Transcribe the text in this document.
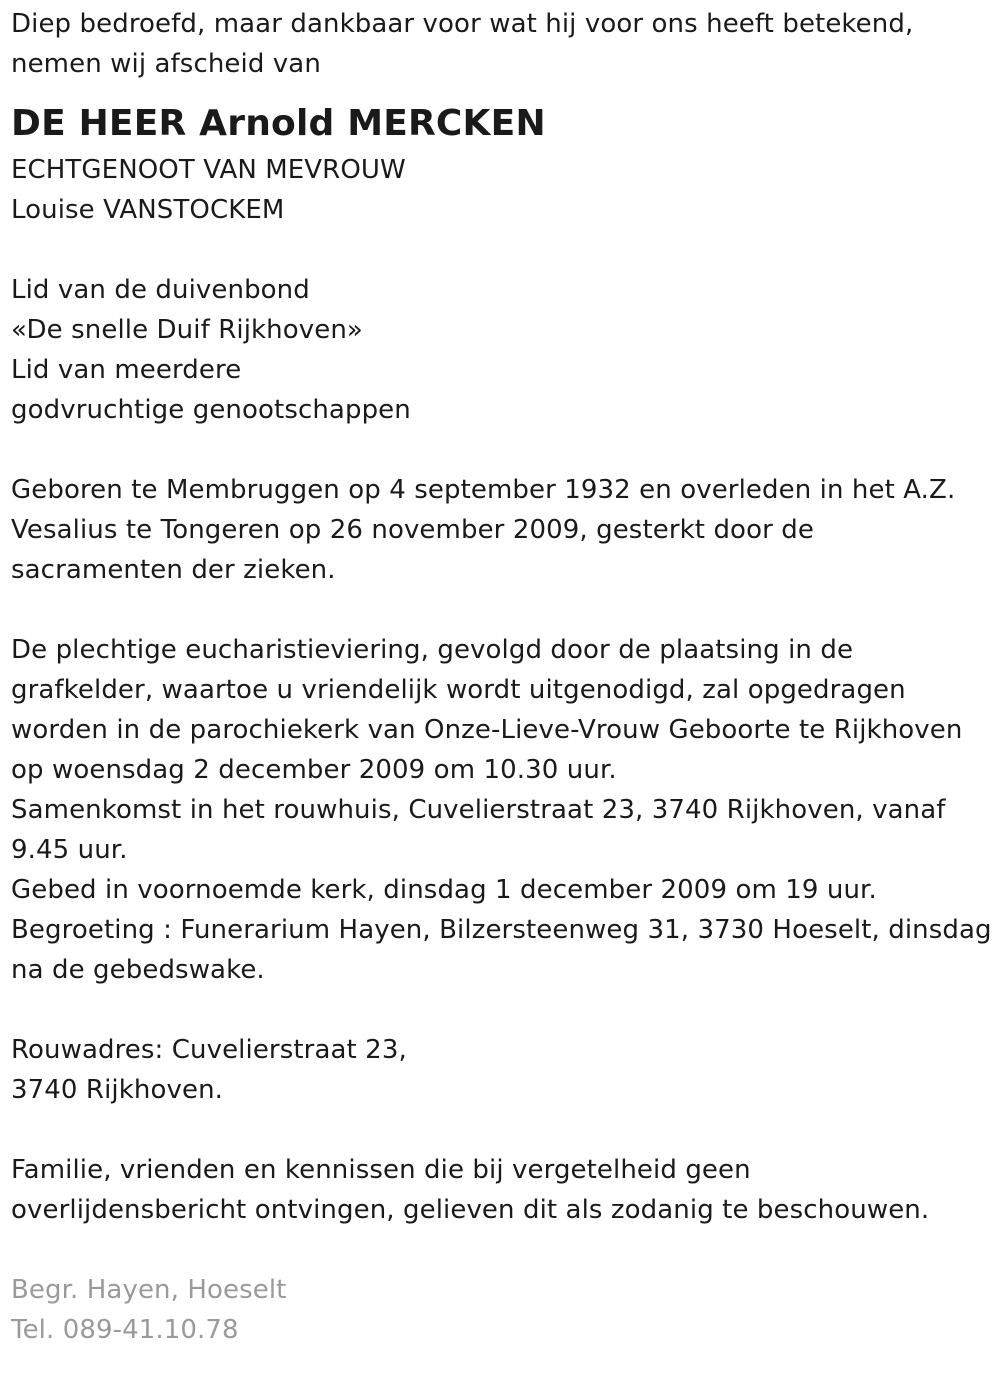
Diep bedroefd, maar dankbaar voor wat hij voor ons heeft betekend,
nemen wij afscheid van
DE HEER Arnold MERCKEN
ECHTGENOOT VAN MEVROUW
Louise VANSTOCKEM
Lid van de duivenbond
«De snelle Duif Rijkhoven»
Lid van meerdere
godvruchtige genootschappen
Geboren te Membruggen op 4 september 1932 en overleden in het A.Z.
Vesalius te Tongeren op 26 november 2009, gesterkt door de
sacramenten der zieken.
De plechtige eucharistieviering, gevolgd door de plaatsing in de
grafkelder, waartoe u vriendelijk wordt uitgenodigd, zal opgedragen
worden in de parochiekerk van Onze-Lieve-Vrouw Geboorte te Rijkhoven
op woensdag 2 december 2009 om 10.30 uur.
Samenkomst in het rouwhuis, Cuvelierstraat 23, 3740 Rijkhoven, vanaf
9.45 uur.
Gebed in voornoemde kerk, dinsdag 1 december 2009 om 19 uur.
Begroeting : Funerarium Hayen, Bilzersteenweg 31, 3730 Hoeselt, dinsdag
na de gebedswake.
Rouwadres: Cuvelierstraat 23,
3740 Rijkhoven.
Familie, vrienden en kennissen die bij vergetelheid geen
overlijdensbericht ontvingen, gelieven dit als zodanig te beschouwen.
Begr. Hayen, Hoeselt
Tel. 089-41.10.78
